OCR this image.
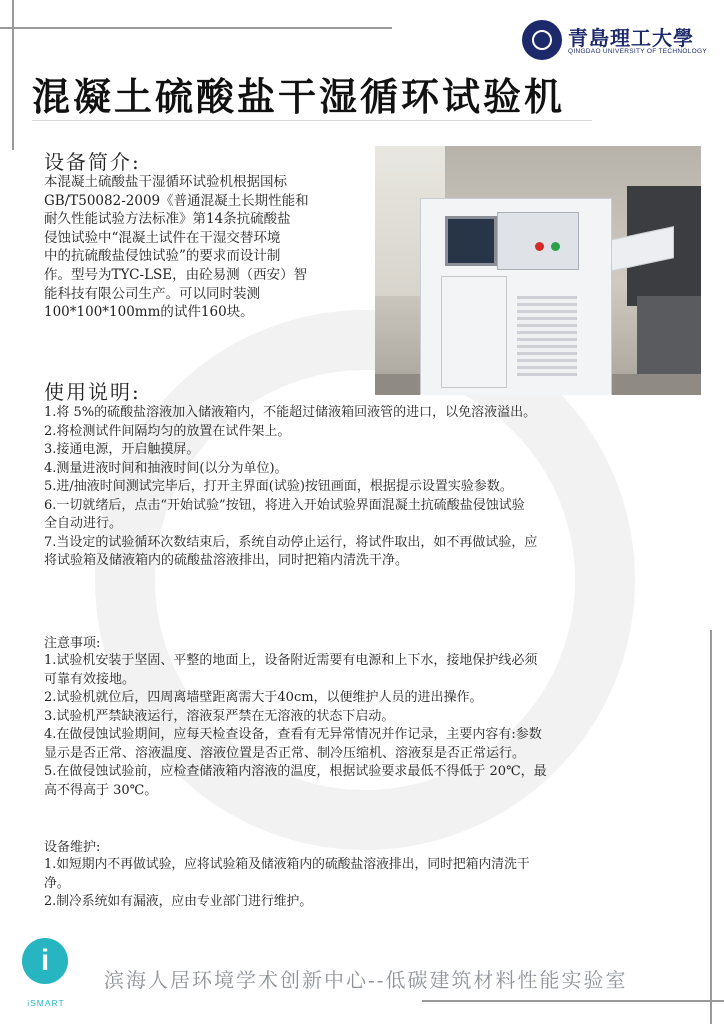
青島理工大學
QINGDAO UNIVERSITY OF TECHNOLOGY
混凝土硫酸盐干湿循环试验机
设备简介:
本混凝土硫酸盐干湿循环试验机根据国标
GB/T50082-2009《普通混凝土长期性能和
耐久性能试验方法标准》第14条抗硫酸盐
侵蚀试验中“混凝土试件在干湿交替环境
中的抗硫酸盐侵蚀试验”的要求而设计制
作。型号为TYC-LSE，由砼易测（西安）智
能科技有限公司生产。可以同时装测
100*100*100mm的试件160块。
使用说明:
1.将 5%的硫酸盐溶液加入储液箱内，不能超过储液箱回液管的进口，以免溶液溢出。
2.将检测试件间隔均匀的放置在试件架上。
3.接通电源，开启触摸屏。
4.测量进液时间和抽液时间(以分为单位)。
5.进/抽液时间测试完毕后，打开主界面(试验)按钮画面，根据提示设置实验参数。
6.一切就绪后，点击“开始试验”按钮，将进入开始试验界面混凝土抗硫酸盐侵蚀试验
全自动进行。
7.当设定的试验循环次数结束后，系统自动停止运行，将试件取出，如不再做试验，应
将试验箱及储液箱内的硫酸盐溶液排出，同时把箱内清洗干净。
注意事项:
1.试验机安装于坚固、平整的地面上，设备附近需要有电源和上下水，接地保护线必须
可靠有效接地。
2.试验机就位后，四周离墙壁距离需大于40cm，以便维护人员的进出操作。
3.试验机严禁缺液运行，溶液泵严禁在无溶液的状态下启动。
4.在做侵蚀试验期间，应每天检查设备，查看有无异常情况并作记录，主要内容有:参数
显示是否正常、溶液温度、溶液位置是否正常、制冷压缩机、溶液泵是否正常运行。
5.在做侵蚀试验前，应检查储液箱内溶液的温度，根据试验要求最低不得低于 20℃，最
高不得高于 30℃。
设备维护:
1.如短期内不再做试验，应将试验箱及储液箱内的硫酸盐溶液排出，同时把箱内清洗干
净。
2.制冷系统如有漏液，应由专业部门进行维护。
i
iSMART
滨海人居环境学术创新中心--低碳建筑材料性能实验室
